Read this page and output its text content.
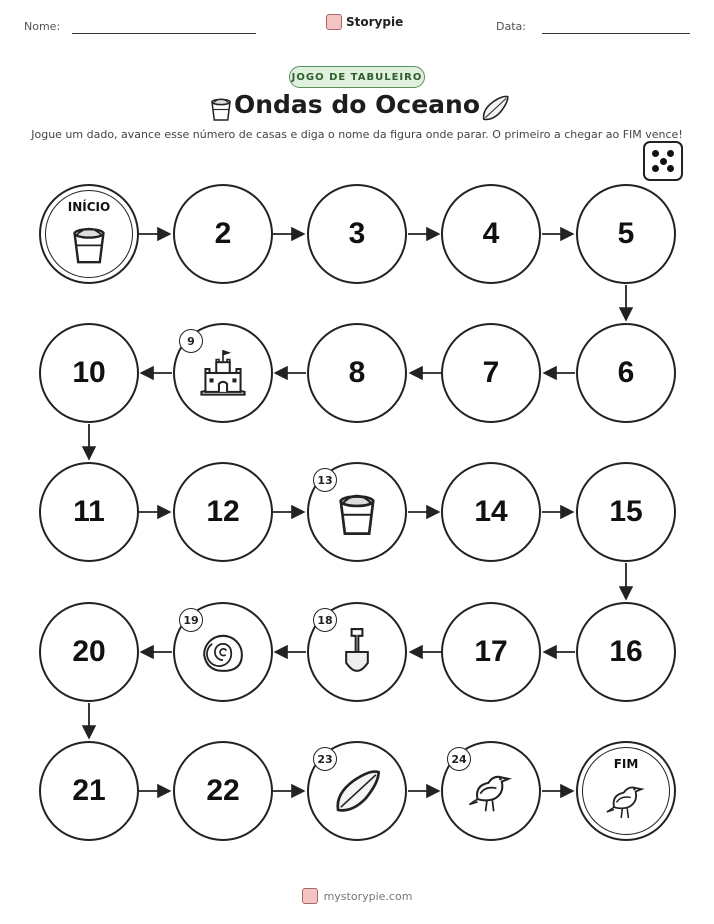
Nome:	Storypie	Data:
JOGO DE TABULEIRO
Ondas do Oceano
Jogue um dado, avance esse número de casas e diga o nome da figura onde parar. O primeiro a chegar ao FIM vence!
INÍCIO
2	3	4	5
6
7
8
9
10
11	12
13
14	15
16
17
18
19
20
21	22
23	24	FIM
mystorypie.com
